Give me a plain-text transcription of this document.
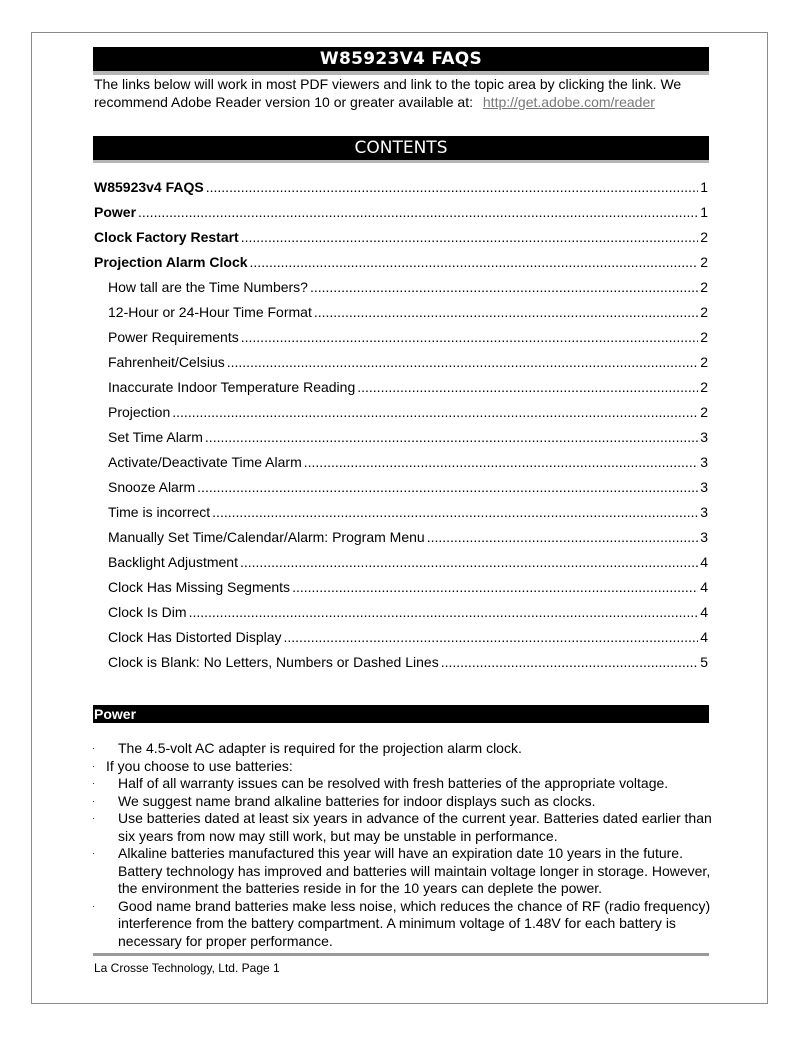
W85923V4 FAQS
The links below will work in most PDF viewers and link to the topic area by clicking the link. We recommend Adobe Reader version 10 or greater available at: http://get.adobe.com/reader
CONTENTS
W85923v4 FAQS .....	1
Power .....	1
Clock Factory Restart .....	2
Projection Alarm Clock .....	2
How tall are the Time Numbers? .....	2
12-Hour or 24-Hour Time Format .....	2
Power Requirements .....	2
Fahrenheit/Celsius .....	2
Inaccurate Indoor Temperature Reading .....	2
Projection .....	2
Set Time Alarm .....	3
Activate/Deactivate Time Alarm .....	3
Snooze Alarm .....	3
Time is incorrect .....	3
Manually Set Time/Calendar/Alarm: Program Menu .....	3
Backlight Adjustment .....	4
Clock Has Missing Segments .....	4
Clock Is Dim .....	4
Clock Has Distorted Display .....	4
Clock is Blank: No Letters, Numbers or Dashed Lines .....	5
Power
· The 4.5-volt AC adapter is required for the projection alarm clock.
· If you choose to use batteries:
· Half of all warranty issues can be resolved with fresh batteries of the appropriate voltage.
· We suggest name brand alkaline batteries for indoor displays such as clocks.
· Use batteries dated at least six years in advance of the current year. Batteries dated earlier than six years from now may still work, but may be unstable in performance.
· Alkaline batteries manufactured this year will have an expiration date 10 years in the future. Battery technology has improved and batteries will maintain voltage longer in storage. However, the environment the batteries reside in for the 10 years can deplete the power.
· Good name brand batteries make less noise, which reduces the chance of RF (radio frequency) interference from the battery compartment. A minimum voltage of 1.48V for each battery is necessary for proper performance.
La Crosse Technology, Ltd. Page 1
